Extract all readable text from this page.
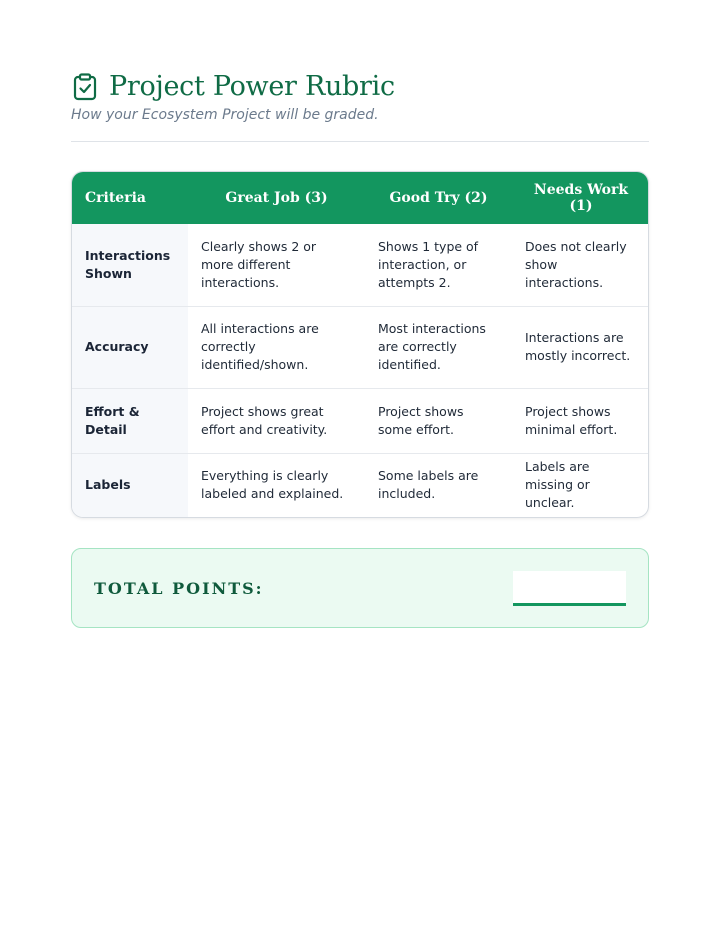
Project Power Rubric
How your Ecosystem Project will be graded.
Criteria	Great Job (3)	Good Try (2)	Needs Work (1)
Interactions Shown	Clearly shows 2 or more different interactions.	Shows 1 type of interaction, or attempts 2.	Does not clearly show interactions.
Accuracy	All interactions are correctly identified/shown.	Most interactions are correctly identified.	Interactions are mostly incorrect.
Effort & Detail	Project shows great effort and creativity.	Project shows some effort.	Project shows minimal effort.
Labels	Everything is clearly labeled and explained.	Some labels are included.	Labels are missing or unclear.
TOTAL POINTS:
